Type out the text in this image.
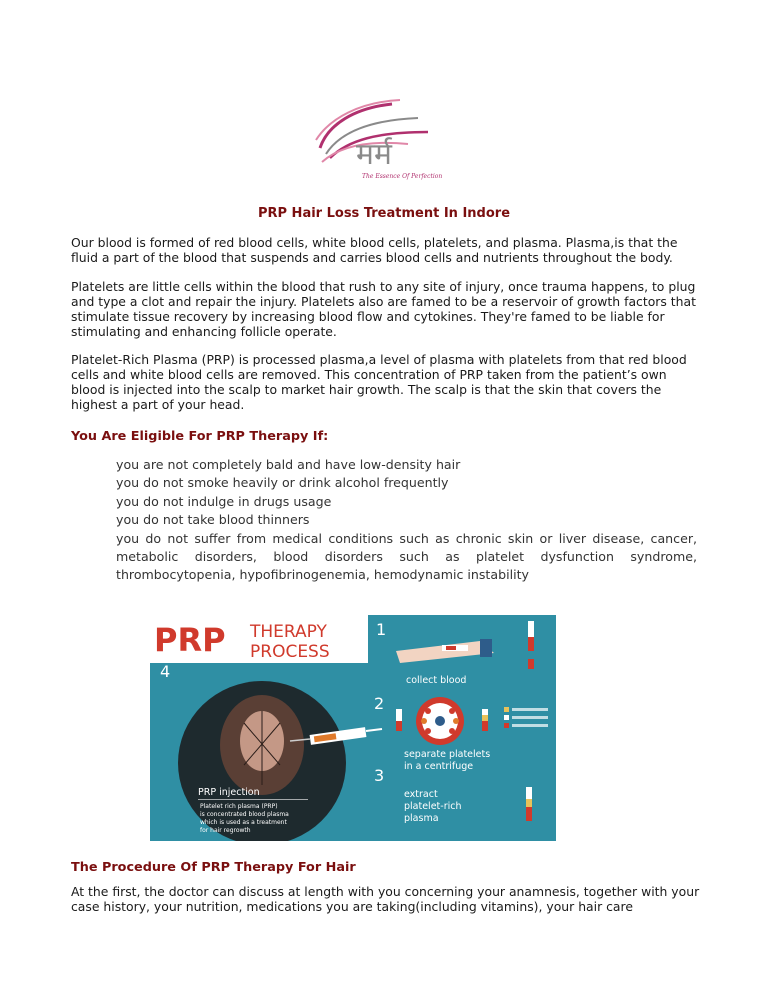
मर्म
The Essence Of Perfection
PRP Hair Loss Treatment In Indore

Our blood is formed of red blood cells, white blood cells, platelets, and plasma. Plasma,is that the fluid a part of the blood that suspends and carries blood cells and nutrients throughout the body.

Platelets are little cells within the blood that rush to any site of injury, once trauma happens, to plug and type a clot and repair the injury. Platelets also are famed to be a reservoir of growth factors that stimulate tissue recovery by increasing blood flow and cytokines. They're famed to be liable for stimulating and enhancing follicle operate.

Platelet-Rich Plasma (PRP) is processed plasma,a level of plasma with platelets from that red blood cells and white blood cells are removed. This concentration of PRP taken from the patient’s own blood is injected into the scalp to market hair growth. The scalp is that the skin that covers the highest a part of your head.

You Are Eligible For PRP Therapy If:
you are not completely bald and have low-density hair
you do not smoke heavily or drink alcohol frequently
you do not indulge in drugs usage
you do not take blood thinners
you do not suffer from medical conditions such as chronic skin or liver disease, cancer, metabolic disorders, blood disorders such as platelet dysfunction syndrome, thrombocytopenia, hypofibrinogenemia, hemodynamic instability
PRP THERAPY
PROCESS
4
PRP injection
Platelet rich plasma (PRP)
is concentrated blood plasma
which is used as a treatment
for hair regrowth
1
collect blood
2
separate platelets
in a centrifuge
3
extract
platelet-rich
plasma
The Procedure Of PRP Therapy For Hair

At the first, the doctor can discuss at length with you concerning your anamnesis, together with your case history, your nutrition, medications you are taking(including vitamins), your hair care
